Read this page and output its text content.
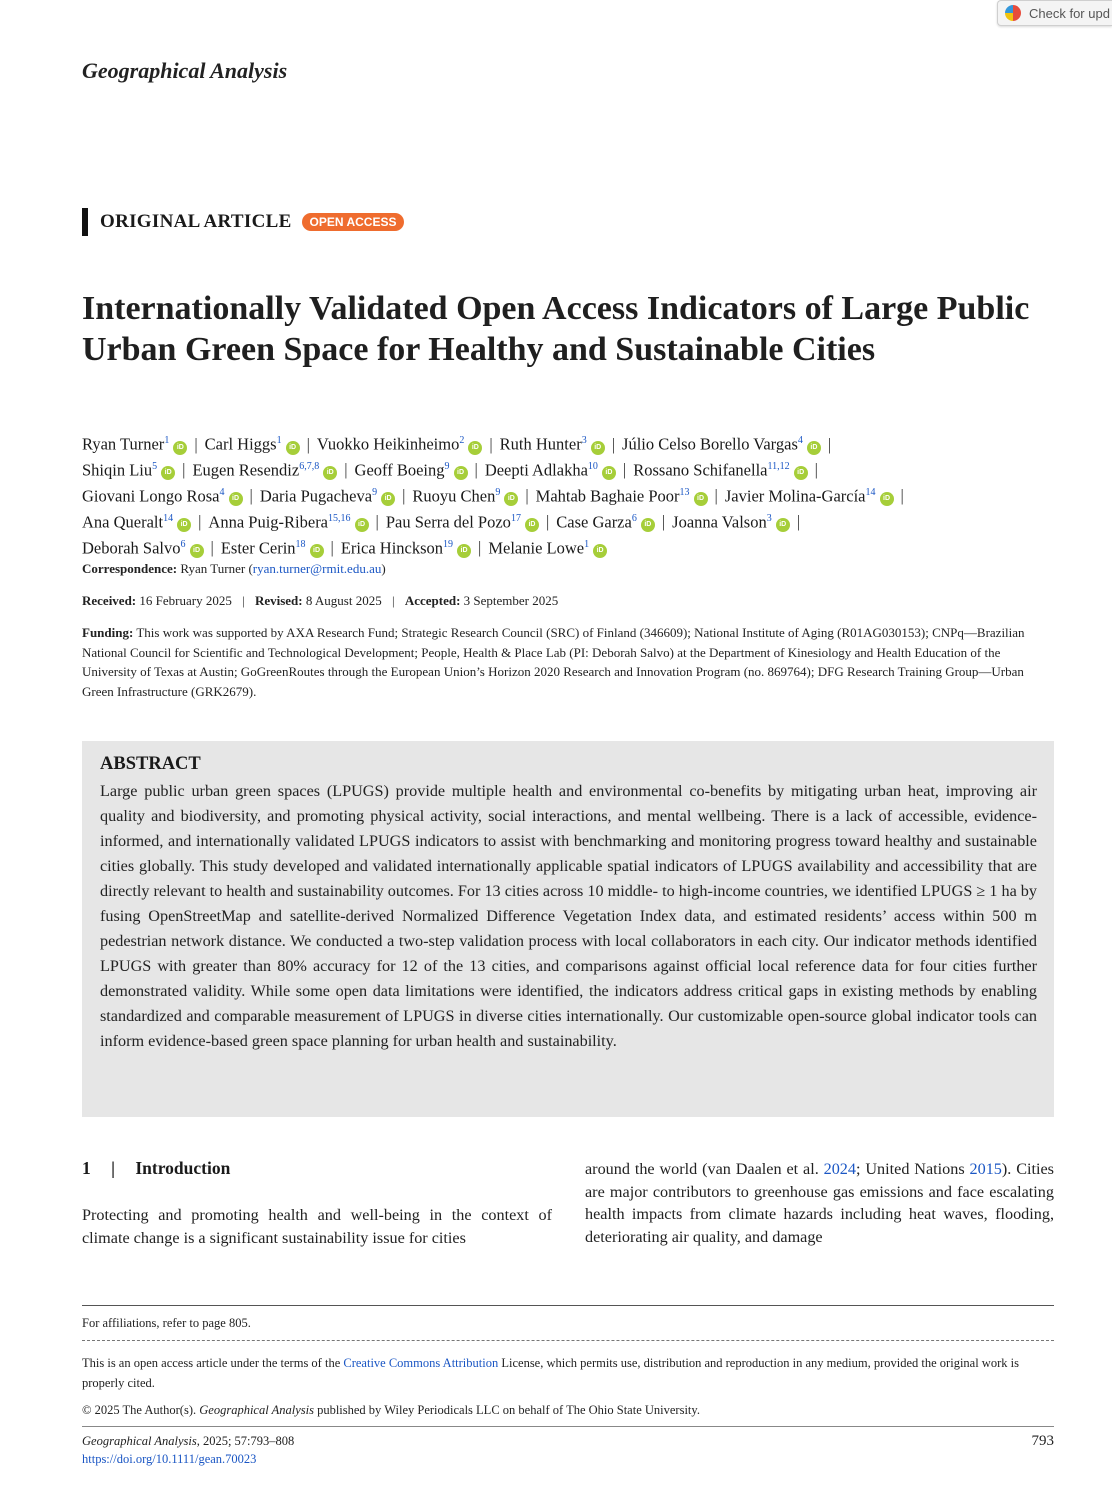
Geographical Analysis
Check for upd
ORIGINAL ARTICLE	OPEN ACCESS
Internationally Validated Open Access Indicators of Large Public Urban Green Space for Healthy and Sustainable Cities
Ryan Turner$^1$iD | Carl Higgs$^1$iD | Vuokko Heikinheimo$^2$iD | Ruth Hunter$^3$iD | Júlio Celso Borello Vargas$^4$iD |
Shiqin Liu$^5$iD | Eugen Resendiz$^{6,7,8}$iD | Geoff Boeing$^9$iD | Deepti Adlakha$^{10}$iD | Rossano Schifanella$^{11,12}$iD |
Giovani Longo Rosa$^4$iD | Daria Pugacheva$^9$iD | Ruoyu Chen$^9$iD | Mahtab Baghaie Poor$^{13}$iD | Javier Molina-García$^{14}$iD |
Ana Queralt$^{14}$iD | Anna Puig-Ribera$^{15,16}$iD | Pau Serra del Pozo$^{17}$iD | Case Garza$^6$iD | Joanna Valson$^3$iD |
Deborah Salvo$^6$iD | Ester Cerin$^{18}$iD | Erica Hinckson$^{19}$iD | Melanie Lowe$^1$iD
Correspondence: Ryan Turner (ryan.turner@rmit.edu.au)
Received: 16 February 2025 | Revised: 8 August 2025 | Accepted: 3 September 2025
Funding: This work was supported by AXA Research Fund; Strategic Research Council (SRC) of Finland (346609); National Institute of Aging (R01AG030153); CNPq—Brazilian National Council for Scientific and Technological Development; People, Health & Place Lab (PI: Deborah Salvo) at the Department of Kinesiology and Health Education of the University of Texas at Austin; GoGreenRoutes through the European Union’s Horizon 2020 Research and Innovation Program (no. 869764); DFG Research Training Group—Urban Green Infrastructure (GRK2679).
ABSTRACT
Large public urban green spaces (LPUGS) provide multiple health and environmental co-benefits by mitigating urban heat, improving air quality and biodiversity, and promoting physical activity, social interactions, and mental wellbeing. There is a lack of accessible, evidence-informed, and internationally validated LPUGS indicators to assist with benchmarking and monitoring progress toward healthy and sustainable cities globally. This study developed and validated internationally applicable spatial indicators of LPUGS availability and accessibility that are directly relevant to health and sustainability outcomes. For 13 cities across 10 middle- to high-income countries, we identified LPUGS ≥ 1 ha by fusing OpenStreetMap and satellite-derived Normalized Difference Vegetation Index data, and estimated residents’ access within 500 m pedestrian network distance. We conducted a two-step validation process with local collaborators in each city. Our indicator methods identified LPUGS with greater than 80% accuracy for 12 of the 13 cities, and comparisons against official local reference data for four cities further demonstrated validity. While some open data limitations were identified, the indicators address critical gaps in existing methods by enabling standardized and comparable measurement of LPUGS in diverse cities internationally. Our customizable open-source global indicator tools can inform evidence-based green space planning for urban health and sustainability.
1 | Introduction
Protecting and promoting health and well-being in the context of climate change is a significant sustainability issue for cities
around the world (van Daalen et al. 2024; United Nations 2015). Cities are major contributors to greenhouse gas emissions and face escalating health impacts from climate hazards including heat waves, flooding, deteriorating air quality, and damage
For affiliations, refer to page 805.
This is an open access article under the terms of the Creative Commons Attribution License, which permits use, distribution and reproduction in any medium, provided the original work is properly cited.
© 2025 The Author(s). Geographical Analysis published by Wiley Periodicals LLC on behalf of The Ohio State University.
Geographical Analysis, 2025; 57:793–808
https://doi.org/10.1111/gean.70023
793
